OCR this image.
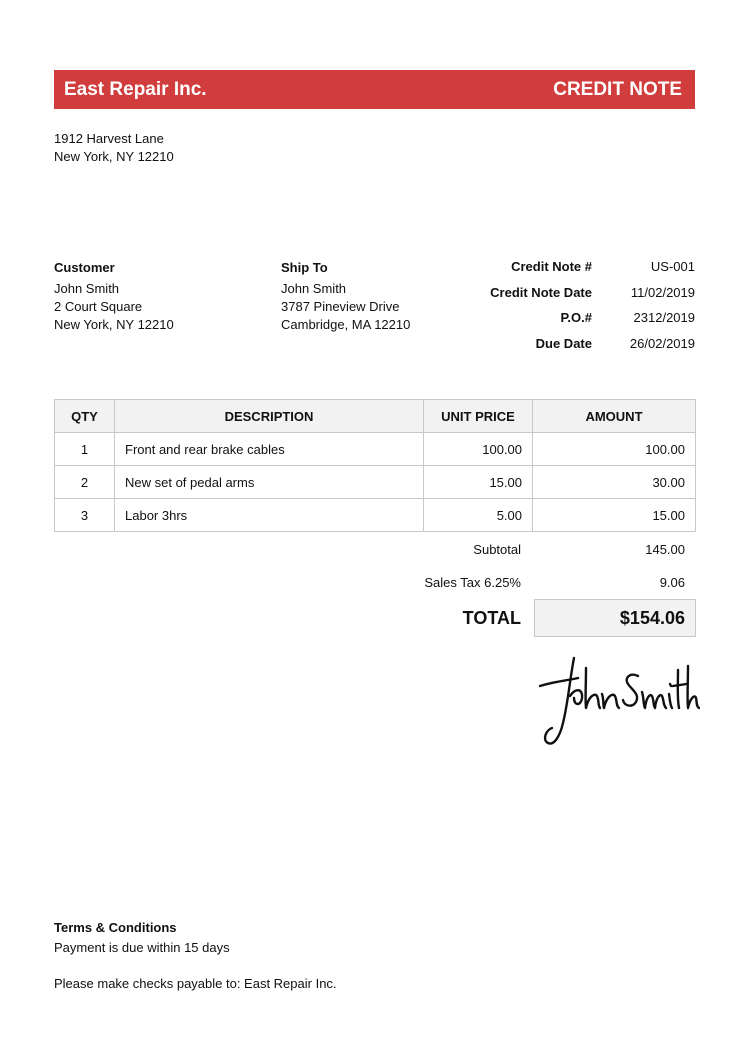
East Repair Inc.	CREDIT NOTE
1912 Harvest Lane
New York, NY 12210
Customer
John Smith
2 Court Square
New York, NY 12210
Ship To
John Smith
3787 Pineview Drive
Cambridge, MA 12210
Credit Note #	US-001
Credit Note Date	11/02/2019
P.O.#	2312/2019
Due Date	26/02/2019
QTY	DESCRIPTION	UNIT PRICE	AMOUNT
1	Front and rear brake cables	100.00	100.00
2	New set of pedal arms	15.00	30.00
3	Labor 3hrs	5.00	15.00
Subtotal	145.00
Sales Tax 6.25%	9.06
TOTAL	$154.06
Terms & Conditions
Payment is due within 15 days
Please make checks payable to: East Repair Inc.
